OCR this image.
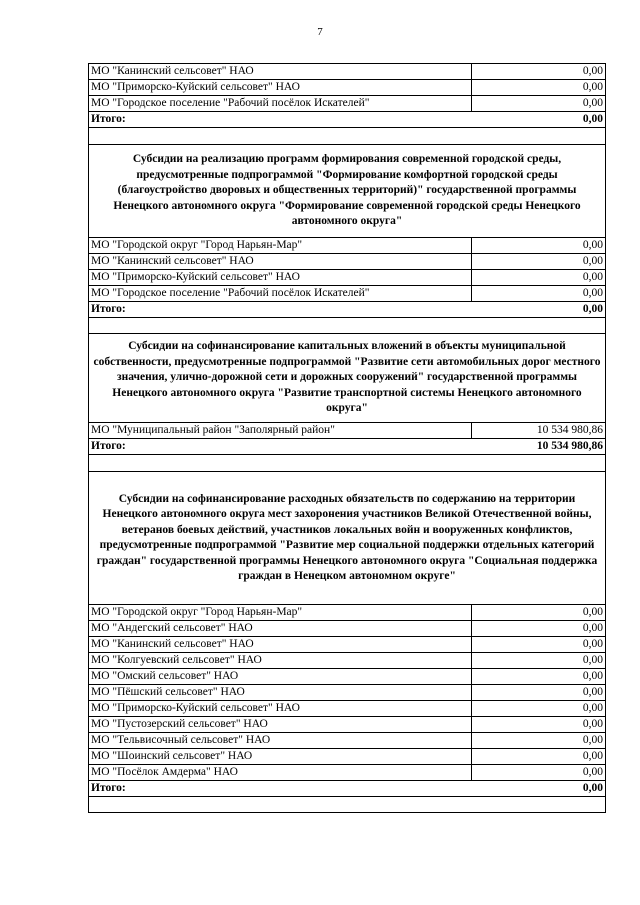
7
МО "Канинский сельсовет" НАО	0,00
МО "Приморско-Куйский сельсовет" НАО	0,00
МО "Городское поселение "Рабочий посёлок Искателей"	0,00
Итого:	0,00
Субсидии на реализацию программ формирования современной городской среды, предусмотренные подпрограммой "Формирование комфортной городской среды (благоустройство дворовых и общественных территорий)" государственной программы Ненецкого автономного округа "Формирование современной городской среды Ненецкого автономного округа"
МО "Городской округ "Город Нарьян-Мар"	0,00
МО "Канинский сельсовет" НАО	0,00
МО "Приморско-Куйский сельсовет" НАО	0,00
МО "Городское поселение "Рабочий посёлок Искателей"	0,00
Итого:	0,00
Субсидии на софинансирование капитальных вложений в объекты муниципальной собственности, предусмотренные подпрограммой "Развитие сети автомобильных дорог местного значения, улично-дорожной сети и дорожных сооружений" государственной программы Ненецкого автономного округа "Развитие транспортной системы Ненецкого автономного округа"
МО "Муниципальный район "Заполярный район"	10 534 980,86
Итого:	10 534 980,86
Субсидии на софинансирование расходных обязательств по содержанию на территории Ненецкого автономного округа мест захоронения участников Великой Отечественной войны, ветеранов боевых действий, участников локальных войн и вооруженных конфликтов, предусмотренные подпрограммой "Развитие мер социальной поддержки отдельных категорий граждан" государственной программы Ненецкого автономного округа "Социальная поддержка граждан в Ненецком автономном округе"
МО "Городской округ "Город Нарьян-Мар"	0,00
МО "Андегский сельсовет" НАО	0,00
МО "Канинский сельсовет" НАО	0,00
МО "Колгуевский сельсовет" НАО	0,00
МО "Омский сельсовет" НАО	0,00
МО "Пёшский сельсовет" НАО	0,00
МО "Приморско-Куйский сельсовет" НАО	0,00
МО "Пустозерский сельсовет" НАО	0,00
МО "Тельвисочный сельсовет" НАО	0,00
МО "Шоинский сельсовет" НАО	0,00
МО "Посёлок Амдерма" НАО	0,00
Итого:	0,00
